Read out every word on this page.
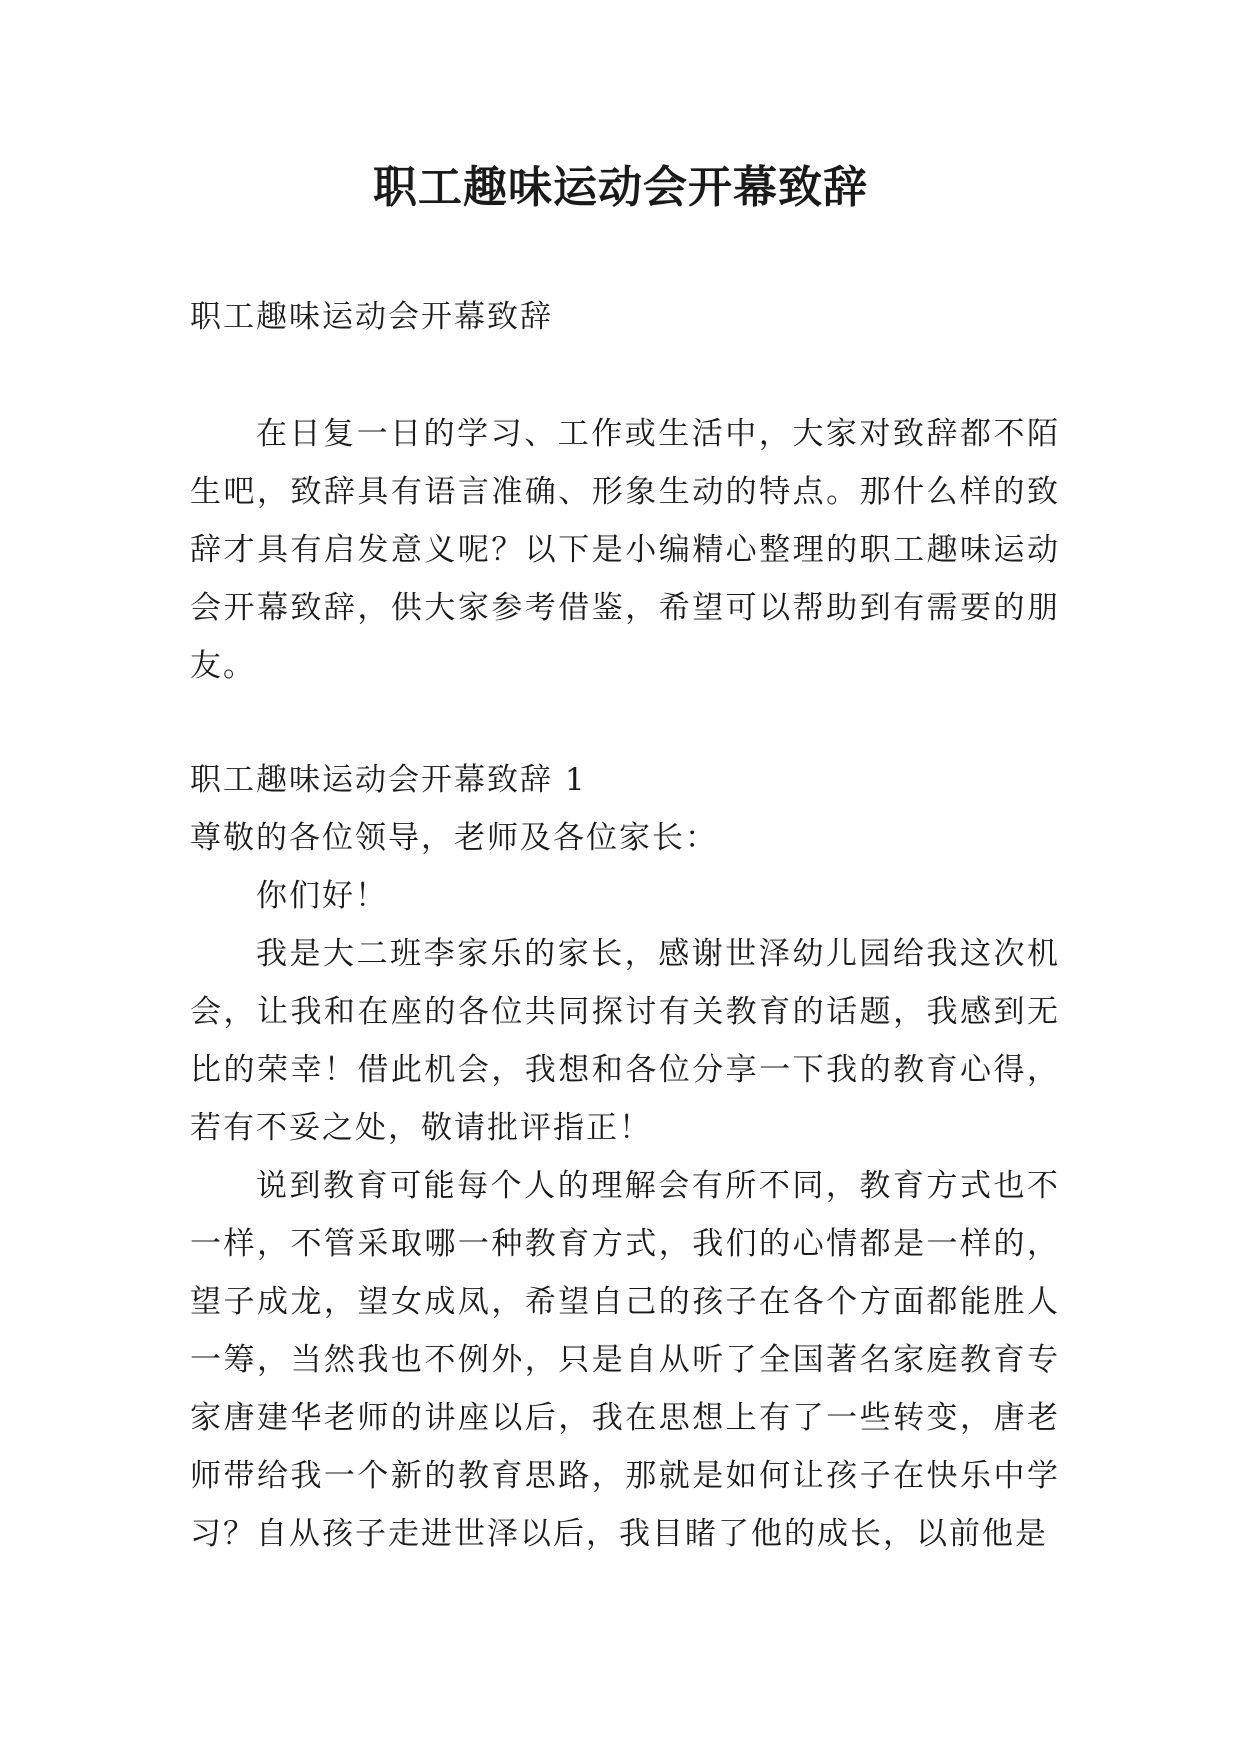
职工趣味运动会开幕致辞

职工趣味运动会开幕致辞

在日复一日的学习、工作或生活中，大家对致辞都不陌生吧，致辞具有语言准确、形象生动的特点。那什么样的致辞才具有启发意义呢？以下是小编精心整理的职工趣味运动会开幕致辞，供大家参考借鉴，希望可以帮助到有需要的朋友。

职工趣味运动会开幕致辞 1

尊敬的各位领导，老师及各位家长：

你们好！

我是大二班李家乐的家长，感谢世泽幼儿园给我这次机会，让我和在座的各位共同探讨有关教育的话题，我感到无比的荣幸！借此机会，我想和各位分享一下我的教育心得，若有不妥之处，敬请批评指正！

说到教育可能每个人的理解会有所不同，教育方式也不一样，不管采取哪一种教育方式，我们的心情都是一样的，望子成龙，望女成凤，希望自己的孩子在各个方面都能胜人一筹，当然我也不例外，只是自从听了全国著名家庭教育专家唐建华老师的讲座以后，我在思想上有了一些转变，唐老师带给我一个新的教育思路，那就是如何让孩子在快乐中学习？自从孩子走进世泽以后，我目睹了他的成长，以前他是
